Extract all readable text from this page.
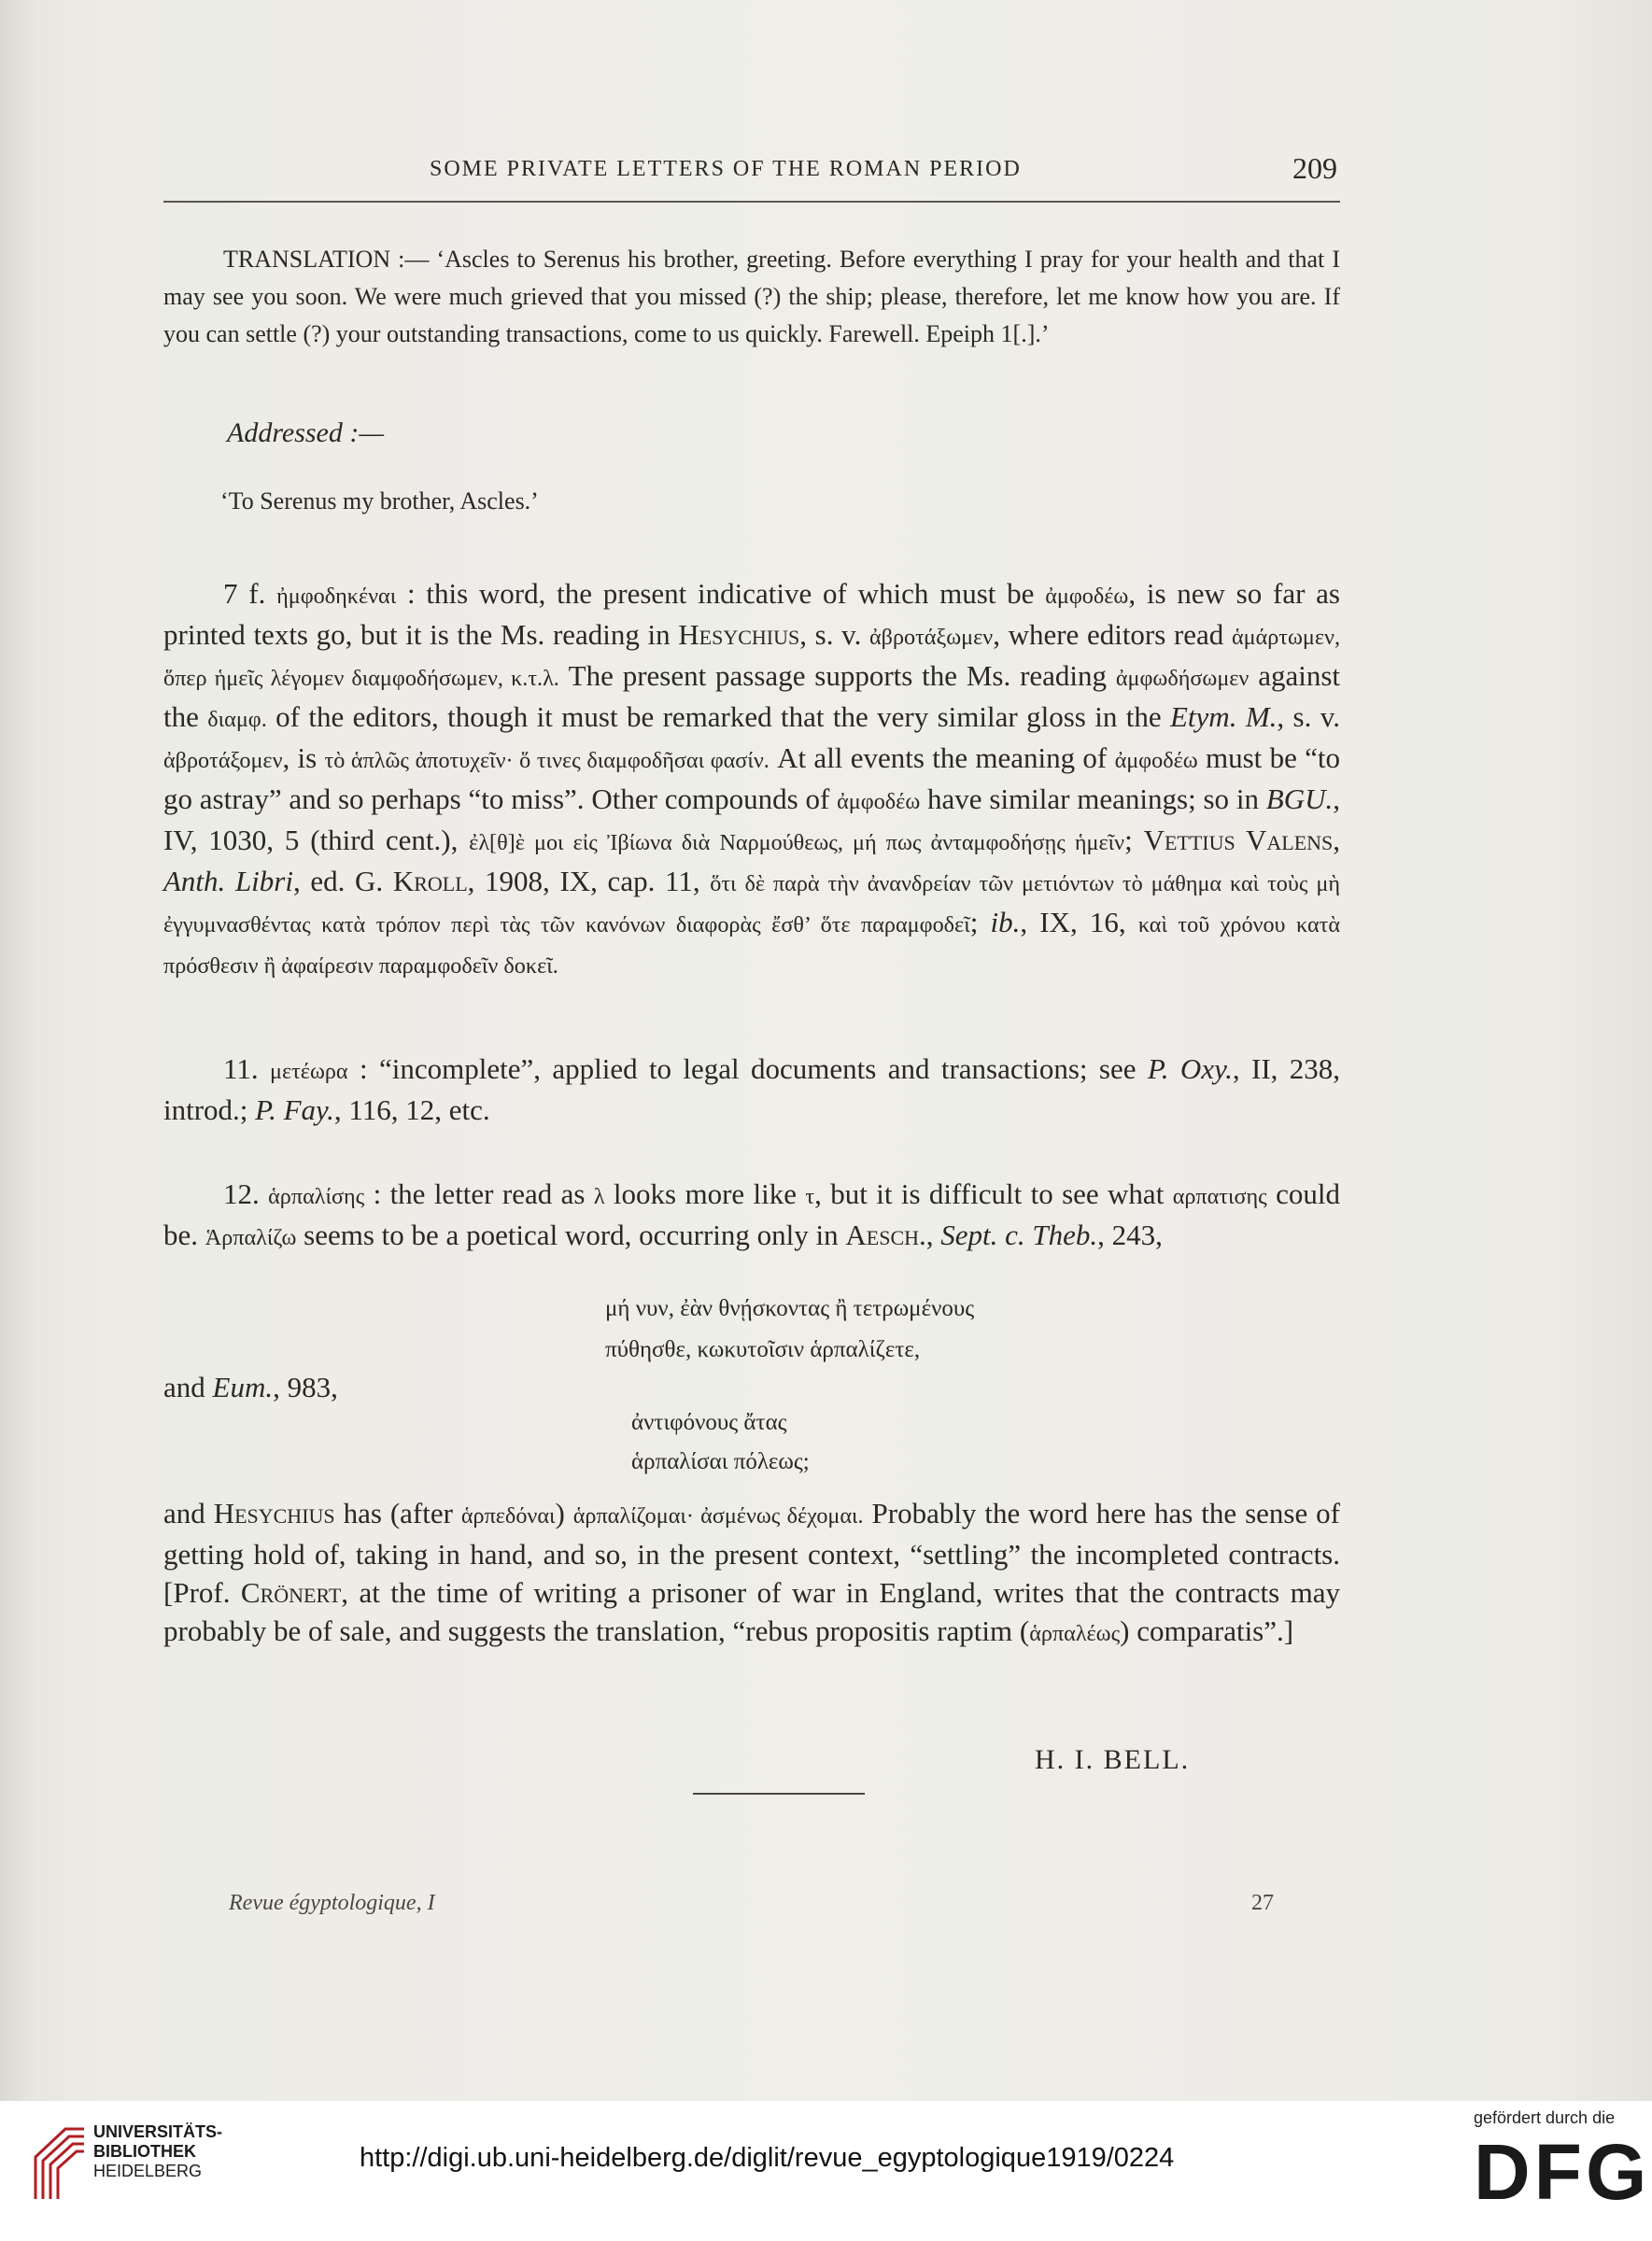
SOME PRIVATE LETTERS OF THE ROMAN PERIOD	209

TRANSLATION :— ‘Ascles to Serenus his brother, greeting. Before everything I pray for your health and that I may see you soon. We were much grieved that you missed (?) the ship; please, therefore, let me know how you are. If you can settle (?) your outstanding transactions, come to us quickly. Farewell. Epeiph 1[.].’

Addressed :—
‘To Serenus my brother, Ascles.’

7 f. ἠμφοδηκέναι : this word, the present indicative of which must be ἀμφοδέω, is new so far as printed texts go, but it is the Ms. reading in Hesychius, s. v. ἀβροτάξωμεν, where editors read ἁμάρτωμεν, ὅπερ ἡμεῖς λέγομεν διαμφοδήσωμεν, κ.τ.λ. The present passage supports the Ms. reading ἀμφωδήσωμεν against the διαμφ. of the editors, though it must be remarked that the very similar gloss in the Etym. M., s. v. ἀβροτάξομεν, is τὸ ἁπλῶς ἀποτυχεῖν· ὅ τινες διαμφοδῆσαι φασίν. At all events the meaning of ἀμφοδέω must be “to go astray” and so perhaps “to miss”. Other compounds of ἀμφοδέω have similar meanings; so in BGU., IV, 1030, 5 (third cent.), ἐλ[θ]ὲ μοι εἰς Ἰβίωνα διὰ Ναρμούθεως, μή πως ἀνταμφοδήσῃς ἡμεῖν; Vettius Valens, Anth. Libri, ed. G. Kroll, 1908, IX, cap. 11, ὅτι δὲ παρὰ τὴν ἀνανδρείαν τῶν μετιόντων τὸ μάθημα καὶ τοὺς μὴ ἐγγυμνασθέντας κατὰ τρόπον περὶ τὰς τῶν κανόνων διαφορὰς ἔσθ’ ὅτε παραμφοδεῖ; ib., IX, 16, καὶ τοῦ χρόνου κατὰ πρόσθεσιν ἢ ἀφαίρεσιν παραμφοδεῖν δοκεῖ.

11. μετέωρα : “incomplete”, applied to legal documents and transactions; see P. Oxy., II, 238, introd.; P. Fay., 116, 12, etc.

12. ἁρπαλίσης : the letter read as λ looks more like τ, but it is difficult to see what αρπατισης could be. Ἁρπαλίζω seems to be a poetical word, occurring only in Aesch., Sept. c. Theb., 243,

μή νυν, ἐὰν θνῄσκοντας ἢ τετρωμένους
πύθησθε, κωκυτοῖσιν ἁρπαλίζετε,
and Eum., 983,
ἀντιφόνους ἄτας
ἁρπαλίσαι πόλεως;

and Hesychius has (after ἁρπεδόναι) ἁρπαλίζομαι· ἀσμένως δέχομαι. Probably the word here has the sense of getting hold of, taking in hand, and so, in the present context, “settling” the incompleted contracts. [Prof. Crönert, at the time of writing a prisoner of war in England, writes that the contracts may probably be of sale, and suggests the translation, “rebus propositis raptim (ἁρπαλέως) comparatis”.]

H. I. BELL.
Revue égyptologique, I	27
UNIVERSITÄTS-
BIBLIOTHEK
HEIDELBERG	http://digi.ub.uni-heidelberg.de/diglit/revue_egyptologique1919/0224
gefördert durch die
DFG
